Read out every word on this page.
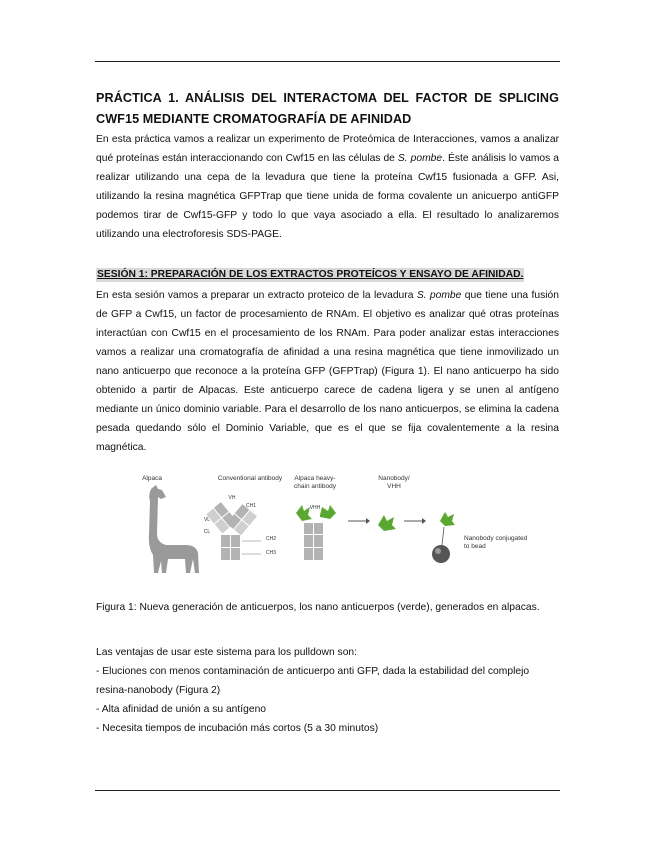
PRÁCTICA 1. ANÁLISIS DEL INTERACTOMA DEL FACTOR DE SPLICING CWF15 MEDIANTE CROMATOGRAFÍA DE AFINIDAD

En esta práctica vamos a realizar un experimento de Proteómica de Interacciones, vamos a analizar qué proteínas están interaccionando con Cwf15 en las células de S. pombe. Éste análisis lo vamos a realizar utilizando una cepa de la levadura que tiene la proteína Cwf15 fusionada a GFP. Asi, utilizando la resina magnética GFPTrap que tiene unida de forma covalente un anicuerpo antiGFP podemos tirar de Cwf15-GFP y todo lo que vaya asociado a ella. El resultado lo analizaremos utilizando una electroforesis SDS-PAGE.

SESIÓN 1: PREPARACIÓN DE LOS EXTRACTOS PROTEÍCOS Y ENSAYO DE AFINIDAD.

En esta sesión vamos a preparar un extracto proteico de la levadura S. pombe que tiene una fusión de GFP a Cwf15, un factor de procesamiento de RNAm. El objetivo es analizar qué otras proteínas interactúan con Cwf15 en el procesamiento de los RNAm. Para poder analizar estas interacciones vamos a realizar una cromatografía de afinidad a una resina magnética que tiene inmovilizado un nano anticuerpo que reconoce a la proteína GFP (GFPTrap) (Figura 1). El nano anticuerpo ha sido obtenido a partir de Alpacas. Este anticuerpo carece de cadena ligera y se unen al antígeno mediante un único dominio variable. Para el desarrollo de los nano anticuerpos, se elimina la cadena pesada quedando sólo el Dominio Variable, que es el que se fija covalentemente a la resina magnética.

Alpaca	Conventional antibody	Alpaca heavy-
chain antibody
Nanobody/
VHH
Nanobody conjugated
to bead
VH
VL
CL
CH1
CH2
CH3
VHH
Figura 1: Nueva generación de anticuerpos, los nano anticuerpos (verde), generados en alpacas.

Las ventajas de usar este sistema para los pulldown son:

- Eluciones con menos contaminación de anticuerpo anti GFP, dada la estabilidad del complejo resina-nanobody (Figura 2)

- Alta afinidad de unión a su antígeno

- Necesita tiempos de incubación más cortos (5 a 30 minutos)
